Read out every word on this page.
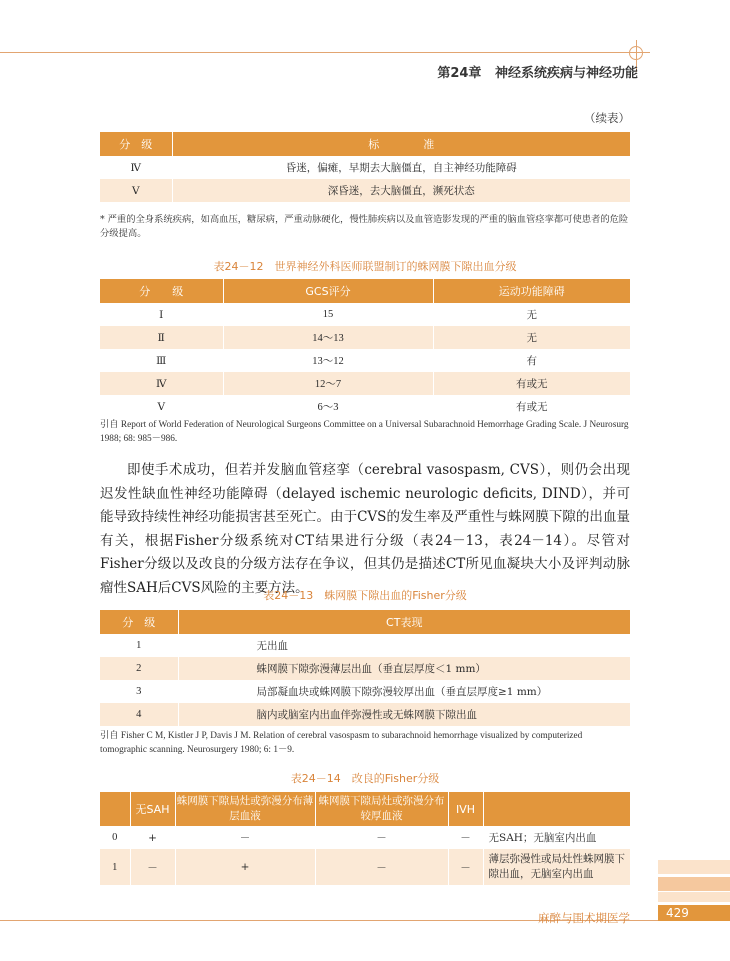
第24章 神经系统疾病与神经功能
（续表）
分　级	标　　　　准
Ⅳ	昏迷，偏瘫，早期去大脑僵直，自主神经功能障碍
Ⅴ	深昏迷，去大脑僵直，濒死状态
* 严重的全身系统疾病，如高血压，糖尿病，严重动脉硬化，慢性肺疾病以及血管造影发现的严重的脑血管痉挛都可使患者的危险分级提高。
表24－12　世界神经外科医师联盟制订的蛛网膜下隙出血分级
分　　级	GCS评分	运动功能障碍
Ⅰ	15	无
Ⅱ	14～13	无
Ⅲ	13～12	有
Ⅳ	12～7	有或无
Ⅴ	6～3	有或无
引自 Report of World Federation of Neurological Surgeons Committee on a Universal Subarachnoid Hemorrhage Grading Scale. J Neurosurg 1988; 68: 985－986.
即使手术成功，但若并发脑血管痉挛（cerebral vasospasm, CVS），则仍会出现迟发性缺血性神经功能障碍（delayed ischemic neurologic deficits, DIND），并可能导致持续性神经功能损害甚至死亡。由于CVS的发生率及严重性与蛛网膜下隙的出血量有关，根据Fisher分级系统对CT结果进行分级（表24－13，表24－14）。尽管对Fisher分级以及改良的分级方法存在争议，但其仍是描述CT所见血凝块大小及评判动脉瘤性SAH后CVS风险的主要方法。
表24－13　蛛网膜下隙出血的Fisher分级
分　级	CT表现
1	无出血
2	蛛网膜下隙弥漫薄层出血（垂直层厚度＜1 mm）
3	局部凝血块或蛛网膜下隙弥漫较厚出血（垂直层厚度≥1 mm）
4	脑内或脑室内出血伴弥漫性或无蛛网膜下隙出血
引自 Fisher C M, Kistler J P, Davis J M. Relation of cerebral vasospasm to subarachnoid hemorrhage visualized by computerized tomographic scanning. Neurosurgery 1980; 6: 1－9.
表24－14　改良的Fisher分级
	无SAH	蛛网膜下隙局灶或弥漫分布薄层血液	蛛网膜下隙局灶或弥漫分布较厚血液	IVH	
0	+	－	－	－	无SAH；无脑室内出血
1	－	+	－	－	薄层弥漫性或局灶性蛛网膜下隙出血，无脑室内出血
麻醉与围术期医学	429
